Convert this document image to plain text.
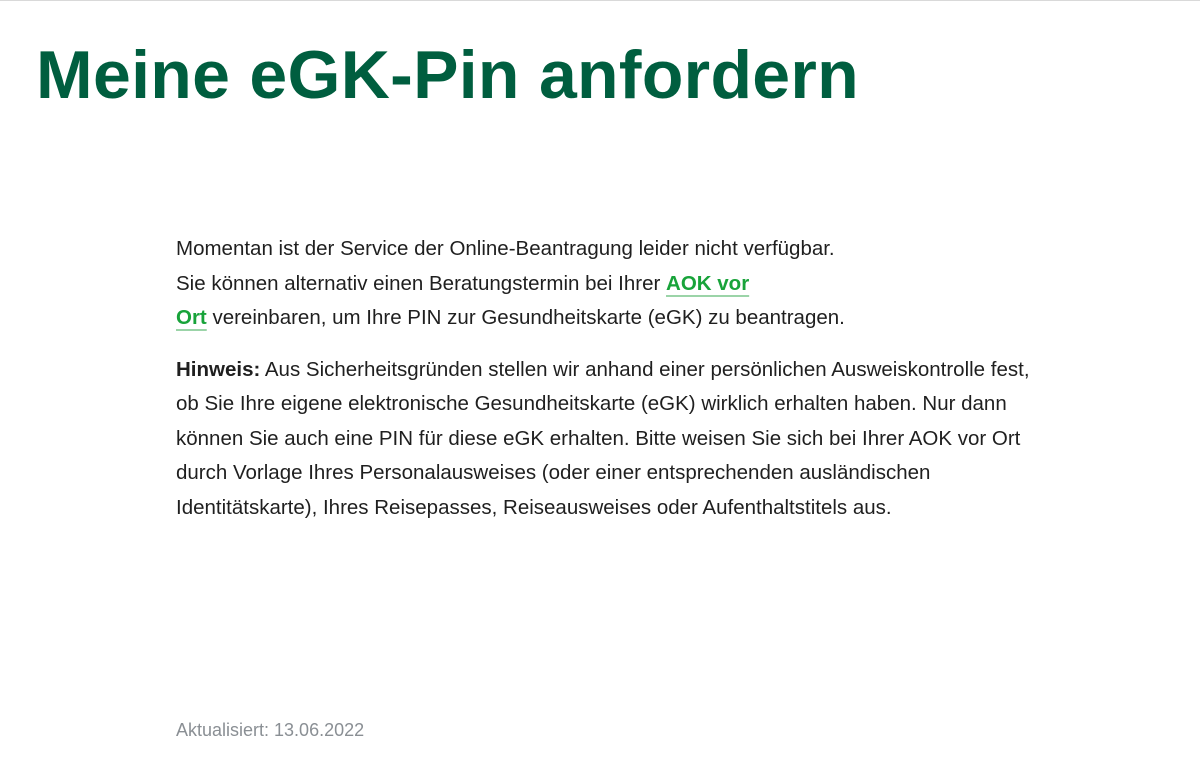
Meine eGK-Pin anfordern

Momentan ist der Service der Online-Beantragung leider nicht verfügbar.
Sie können alternativ einen Beratungstermin bei Ihrer AOK vor
Ort vereinbaren, um Ihre PIN zur Gesundheitskarte (eGK) zu beantragen.

Hinweis: Aus Sicherheitsgründen stellen wir anhand einer persönlichen Ausweiskontrolle fest, ob Sie Ihre eigene elektronische Gesundheitskarte (eGK) wirklich erhalten haben. Nur dann können Sie auch eine PIN für diese eGK erhalten. Bitte weisen Sie sich bei Ihrer AOK vor Ort durch Vorlage Ihres Personalausweises (oder einer entsprechenden ausländischen Identitätskarte), Ihres Reisepasses, Reiseausweises oder Aufenthaltstitels aus.

Aktualisiert: 13.06.2022
